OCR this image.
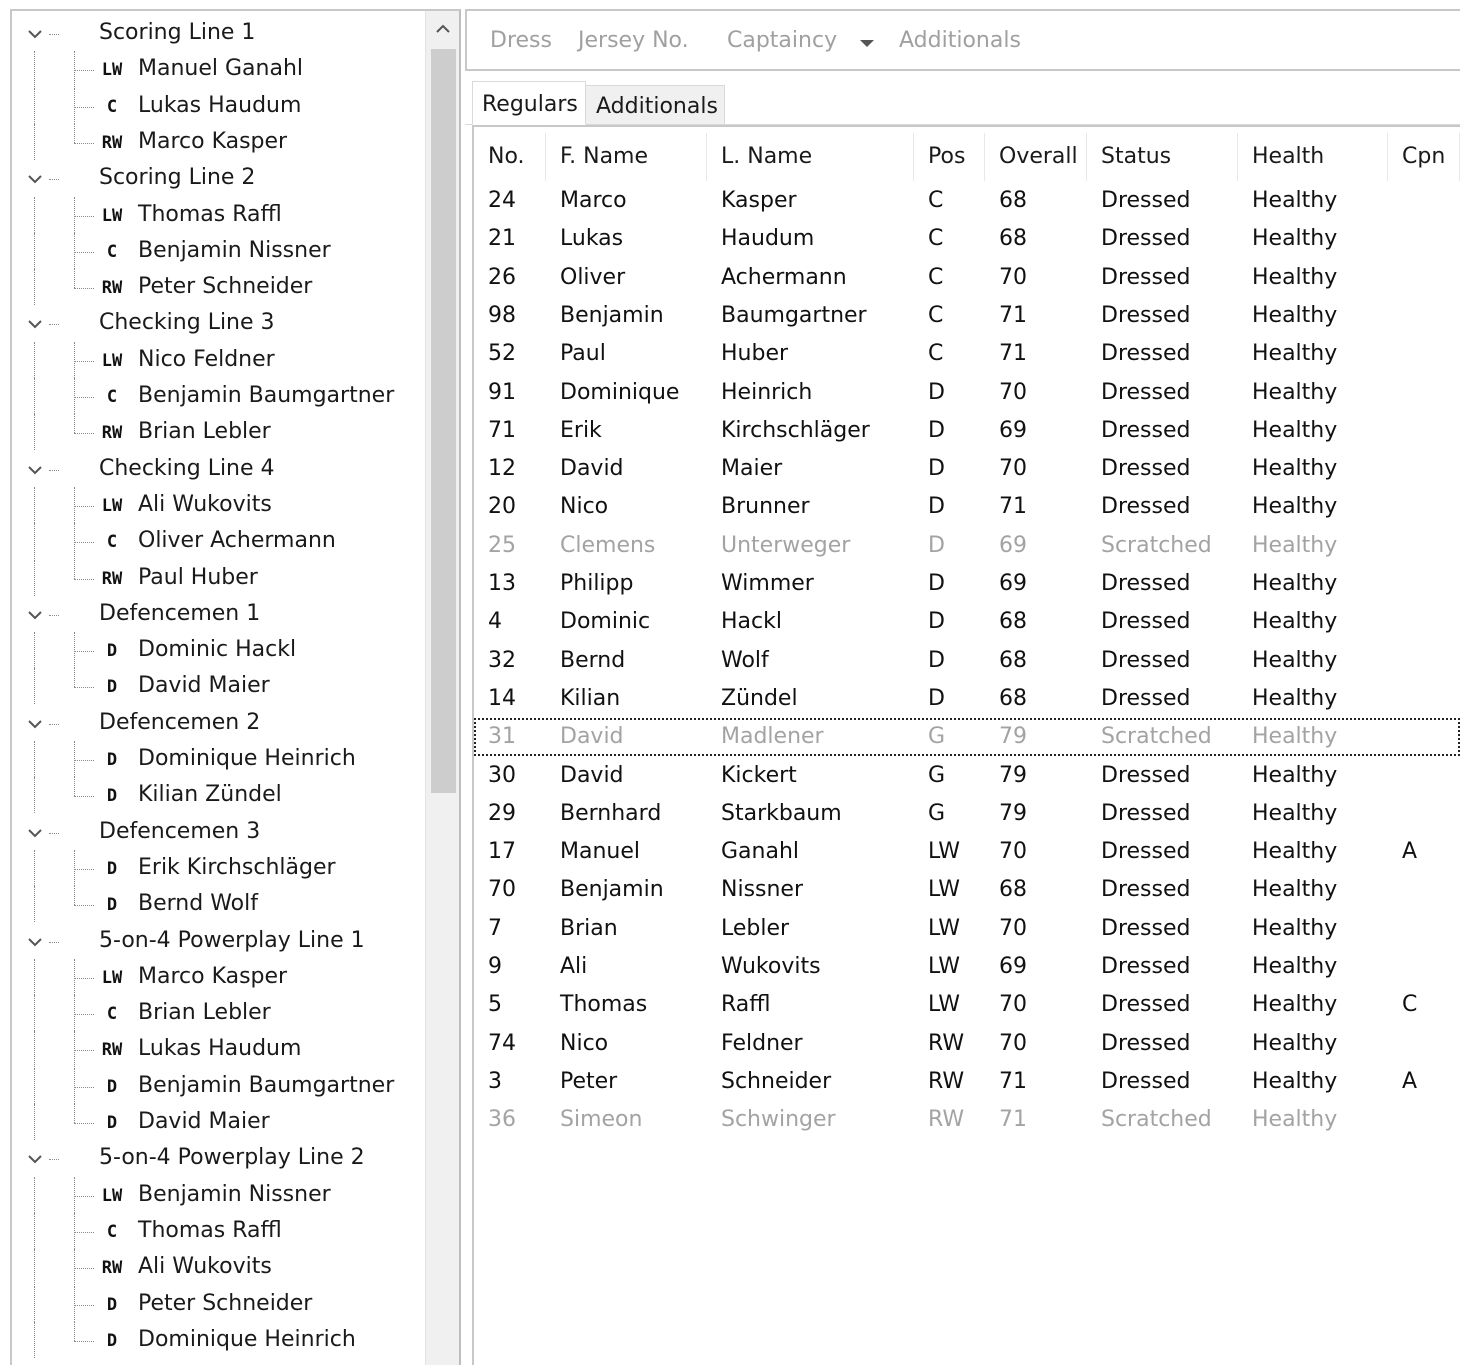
Scoring Line 1
LW Manuel Ganahl
C Lukas Haudum
RW Marco Kasper
Scoring Line 2
LW Thomas Raffl
C Benjamin Nissner
RW Peter Schneider
Checking Line 3
LW Nico Feldner
C Benjamin Baumgartner
RW Brian Lebler
Checking Line 4
LW Ali Wukovits
C Oliver Achermann
RW Paul Huber
Defencemen 1
D Dominic Hackl
D David Maier
Defencemen 2
D Dominique Heinrich
D Kilian Zündel
Defencemen 3
D Erik Kirchschläger
D Bernd Wolf
5-on-4 Powerplay Line 1
LW Marco Kasper
C Brian Lebler
RW Lukas Haudum
D Benjamin Baumgartner
D David Maier
5-on-4 Powerplay Line 2
LW Benjamin Nissner
C Thomas Raffl
RW Ali Wukovits
D Peter Schneider
D Dominique Heinrich
Dress Jersey No. Captaincy	Additionals
Regulars Additionals
No.	F. Name	L. Name	Pos	Overall	Status	Health	Cpn
24	Marco	Kasper	C	68	Dressed	Healthy
21	Lukas	Haudum	C	68	Dressed	Healthy
26	Oliver	Achermann	C	70	Dressed	Healthy
98	Benjamin	Baumgartner	C	71	Dressed	Healthy
52	Paul	Huber	C	71	Dressed	Healthy
91	Dominique	Heinrich	D	70	Dressed	Healthy
71	Erik	Kirchschläger	D	69	Dressed	Healthy
12	David	Maier	D	70	Dressed	Healthy
20	Nico	Brunner	D	71	Dressed	Healthy
25	Clemens	Unterweger	D	69	Scratched	Healthy
13	Philipp	Wimmer	D	69	Dressed	Healthy
4	Dominic	Hackl	D	68	Dressed	Healthy
32	Bernd	Wolf	D	68	Dressed	Healthy
14	Kilian	Zündel	D	68	Dressed	Healthy
31	David	Madlener	G	79	Scratched	Healthy
30	David	Kickert	G	79	Dressed	Healthy
29	Bernhard	Starkbaum	G	79	Dressed	Healthy
17	Manuel	Ganahl	LW	70	Dressed	Healthy	A
70	Benjamin	Nissner	LW	68	Dressed	Healthy
7	Brian	Lebler	LW	70	Dressed	Healthy
9	Ali	Wukovits	LW	69	Dressed	Healthy
5	Thomas	Raffl	LW	70	Dressed	Healthy	C
74	Nico	Feldner	RW	70	Dressed	Healthy
3	Peter	Schneider	RW	71	Dressed	Healthy	A
36	Simeon	Schwinger	RW	71	Scratched	Healthy
